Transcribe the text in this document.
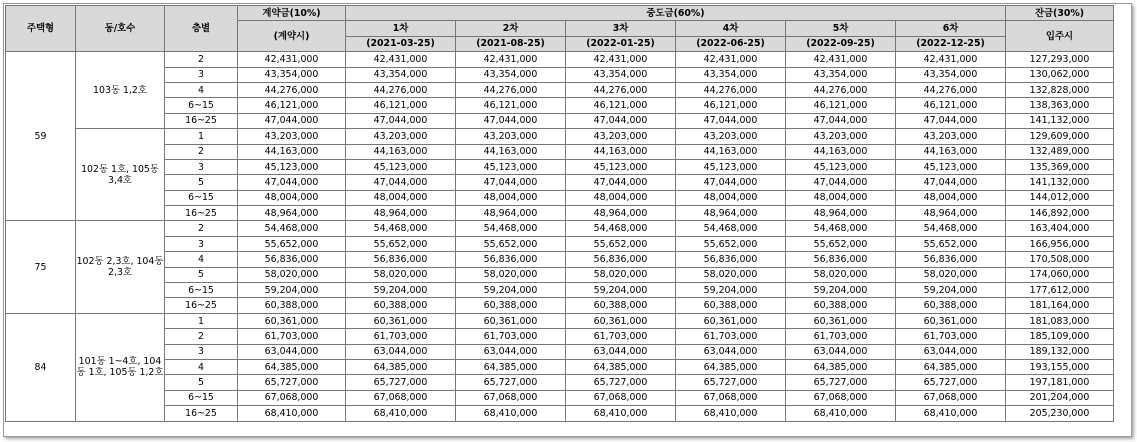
주택형	동/호수	층별	계약금(10%)	중도금(60%)						잔금(30%)
			(계약시)	1차	2차	3차	4차	5차	6차	입주시
				(2021-03-25)	(2021-08-25)	(2022-01-25)	(2022-06-25)	(2022-09-25)	(2022-12-25)	
59	103동 1,2호	2	42,431,000	42,431,000	42,431,000	42,431,000	42,431,000	42,431,000	42,431,000	127,293,000
		3	43,354,000	43,354,000	43,354,000	43,354,000	43,354,000	43,354,000	43,354,000	130,062,000
		4	44,276,000	44,276,000	44,276,000	44,276,000	44,276,000	44,276,000	44,276,000	132,828,000
		6~15	46,121,000	46,121,000	46,121,000	46,121,000	46,121,000	46,121,000	46,121,000	138,363,000
		16~25	47,044,000	47,044,000	47,044,000	47,044,000	47,044,000	47,044,000	47,044,000	141,132,000
	102동 1호, 105동 3,4호	1	43,203,000	43,203,000	43,203,000	43,203,000	43,203,000	43,203,000	43,203,000	129,609,000
		2	44,163,000	44,163,000	44,163,000	44,163,000	44,163,000	44,163,000	44,163,000	132,489,000
		3	45,123,000	45,123,000	45,123,000	45,123,000	45,123,000	45,123,000	45,123,000	135,369,000
		5	47,044,000	47,044,000	47,044,000	47,044,000	47,044,000	47,044,000	47,044,000	141,132,000
		6~15	48,004,000	48,004,000	48,004,000	48,004,000	48,004,000	48,004,000	48,004,000	144,012,000
		16~25	48,964,000	48,964,000	48,964,000	48,964,000	48,964,000	48,964,000	48,964,000	146,892,000
75	102동 2,3호, 104동 2,3호	2	54,468,000	54,468,000	54,468,000	54,468,000	54,468,000	54,468,000	54,468,000	163,404,000
		3	55,652,000	55,652,000	55,652,000	55,652,000	55,652,000	55,652,000	55,652,000	166,956,000
		4	56,836,000	56,836,000	56,836,000	56,836,000	56,836,000	56,836,000	56,836,000	170,508,000
		5	58,020,000	58,020,000	58,020,000	58,020,000	58,020,000	58,020,000	58,020,000	174,060,000
		6~15	59,204,000	59,204,000	59,204,000	59,204,000	59,204,000	59,204,000	59,204,000	177,612,000
		16~25	60,388,000	60,388,000	60,388,000	60,388,000	60,388,000	60,388,000	60,388,000	181,164,000
84	101동 1~4호, 104동 1호, 105동 1,2호	1	60,361,000	60,361,000	60,361,000	60,361,000	60,361,000	60,361,000	60,361,000	181,083,000
		2	61,703,000	61,703,000	61,703,000	61,703,000	61,703,000	61,703,000	61,703,000	185,109,000
		3	63,044,000	63,044,000	63,044,000	63,044,000	63,044,000	63,044,000	63,044,000	189,132,000
		4	64,385,000	64,385,000	64,385,000	64,385,000	64,385,000	64,385,000	64,385,000	193,155,000
		5	65,727,000	65,727,000	65,727,000	65,727,000	65,727,000	65,727,000	65,727,000	197,181,000
		6~15	67,068,000	67,068,000	67,068,000	67,068,000	67,068,000	67,068,000	67,068,000	201,204,000
		16~25	68,410,000	68,410,000	68,410,000	68,410,000	68,410,000	68,410,000	68,410,000	205,230,000
